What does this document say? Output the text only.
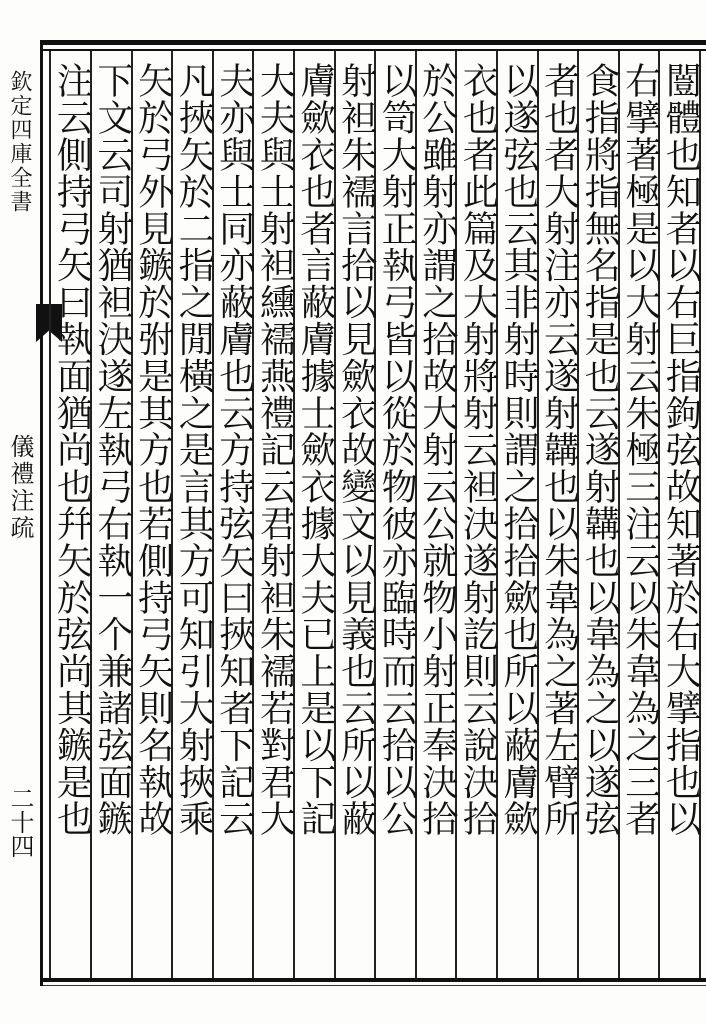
欽定四庫全書
儀禮注疏
二十四	闓體也知者以右巨指鉤弦故知著於右大擘指也以
右擘著極是以大射云朱極三注云以朱韋為之三者
食指將指無名指是也云遂射韝也以韋為之以遂弦
者也者大射注亦云遂射韝也以朱韋為之著左臂所
以遂弦也云其非射時則謂之拾拾歛也所以蔽膚歛
衣也者此篇及大射將射云袒決遂射訖則云說決拾
於公雖射亦謂之拾故大射云公就物小射正奉決拾
以笥大射正執弓皆以從於物彼亦臨時而云拾以公
射袒朱襦言拾以見歛衣故變文以見義也云所以蔽
膚歛衣也者言蔽膚據士歛衣據大夫已上是以下記
大夫與士射袒纁襦燕禮記云君射袒朱襦若對君大
夫亦與士同亦蔽膚也云方持弦矢曰挾知者下記云
凡挾矢於二指之閒橫之是言其方可知引大射挾乘
矢於弓外見鏃於弣是其方也若側持弓矢則名執故
下文云司射猶袒決遂左執弓右執一个兼諸弦面鏃
注云側持弓矢曰執面猶尚也幷矢於弦尚其鏃是也
